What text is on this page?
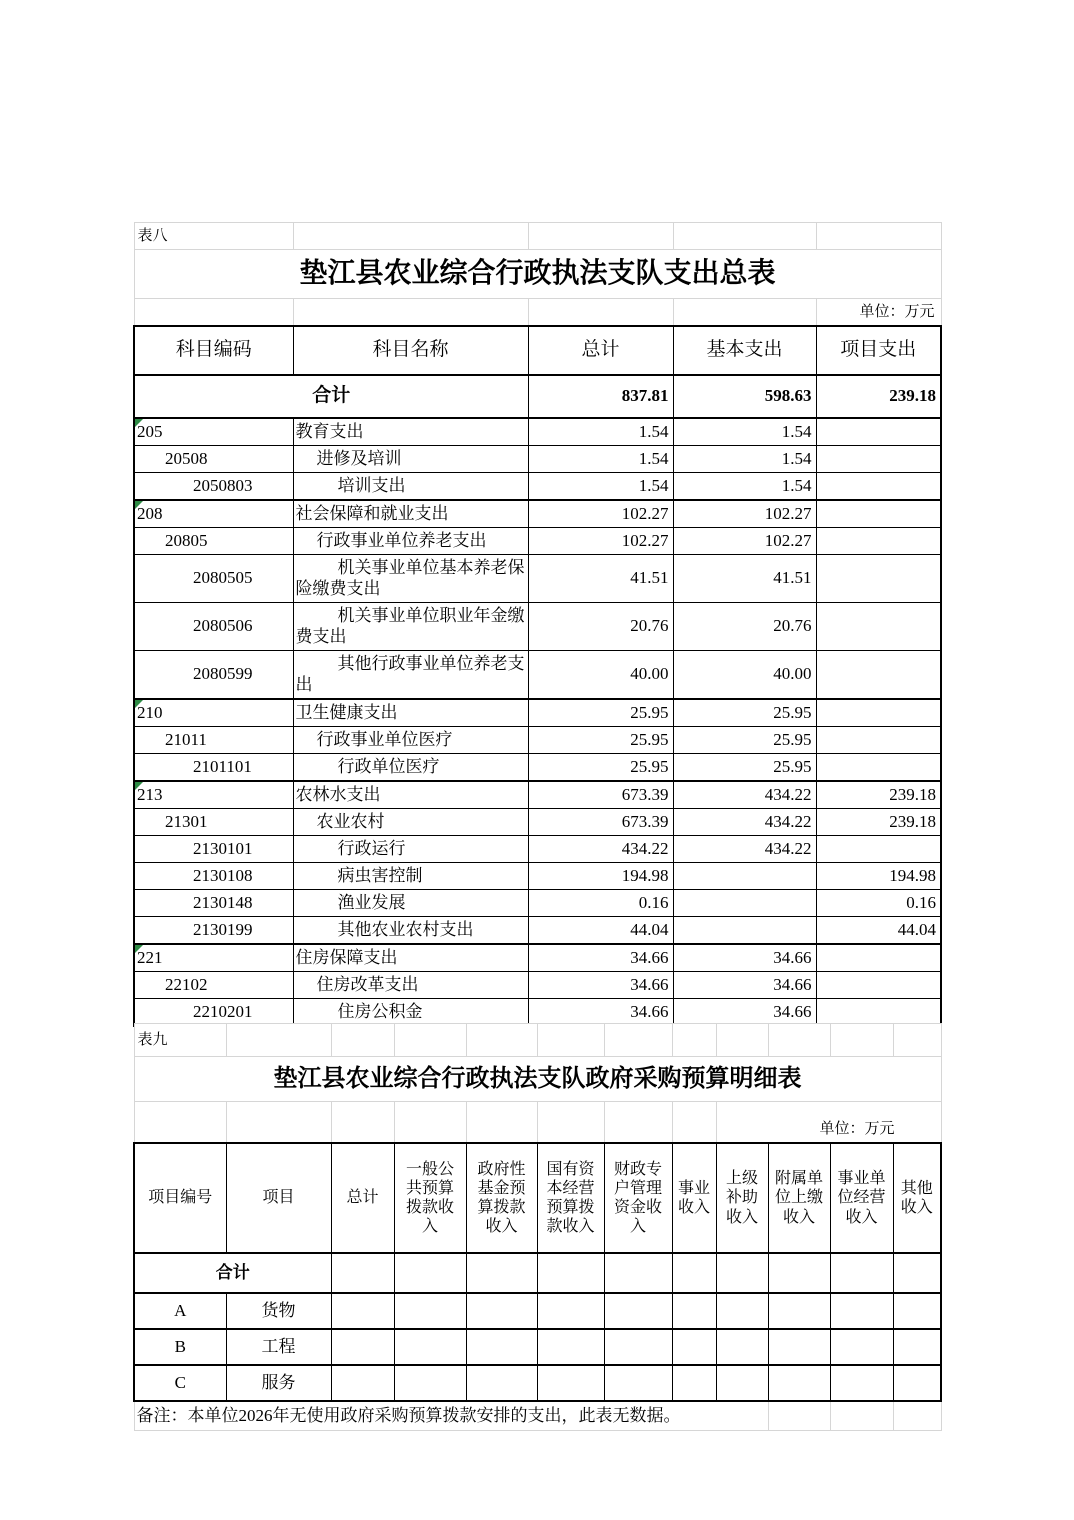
表八				
垫江县农业综合行政执法支队支出总表				
				单位：万元
科目编码	科目名称	总计	基本支出	项目支出
合计		837.81	598.63	239.18
205	教育支出	1.54	1.54	
20508	进修及培训	1.54	1.54	
2050803	培训支出	1.54	1.54	
208	社会保障和就业支出	102.27	102.27	
20805	行政事业单位养老支出	102.27	102.27	
2080505	机关事业单位基本养老保险缴费支出	41.51	41.51	
2080506	机关事业单位职业年金缴费支出	20.76	20.76	
2080599	其他行政事业单位养老支出	40.00	40.00	
210	卫生健康支出	25.95	25.95	
21011	行政事业单位医疗	25.95	25.95	
2101101	行政单位医疗	25.95	25.95	
213	农林水支出	673.39	434.22	239.18
21301	农业农村	673.39	434.22	239.18
2130101	行政运行	434.22	434.22	
2130108	病虫害控制	194.98		194.98
2130148	渔业发展	0.16		0.16
2130199	其他农业农村支出	44.04		44.04
221	住房保障支出	34.66	34.66	
22102	住房改革支出	34.66	34.66	
2210201	住房公积金	34.66	34.66	
表九											
垫江县农业综合行政执法支队政府采购预算明细表											
								单位：万元			
项目编号	项目	总计	一般公共预算拨款收入	政府性基金预算拨款收入	国有资本经营预算拨款收入	财政专户管理资金收入	事业收入	上级补助收入	附属单位上缴收入	事业单位经营收入	其他收入
合计											
A	货物										
B	工程										
C	服务										
备注：本单位2026年无使用政府采购预算拨款安排的支出，此表无数据。											
